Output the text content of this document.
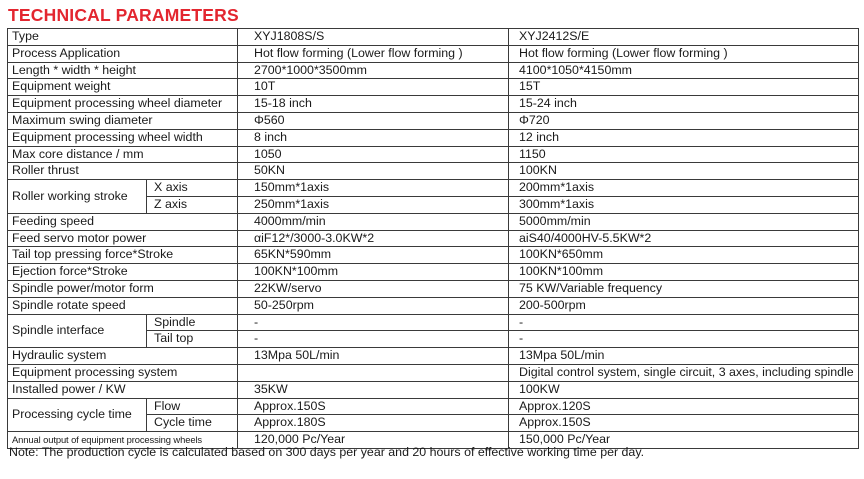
TECHNICAL PARAMETERS
Type		XYJ1808S/S	XYJ2412S/E
Process Application		Hot flow forming (Lower flow forming )	Hot flow forming (Lower flow forming )
Length * width * height		2700*1000*3500mm	4100*1050*4150mm
Equipment weight		10T	15T
Equipment processing wheel diameter		15-18 inch	15-24 inch
Maximum swing diameter		Φ560	Φ720
Equipment processing wheel width		8 inch	12 inch
Max core distance / mm		1050	1150
Roller thrust		50KN	100KN
Roller working stroke	X axis	150mm*1axis	200mm*1axis
	Z axis	250mm*1axis	300mm*1axis
Feeding speed		4000mm/min	5000mm/min
Feed servo motor power		αiF12*/3000-3.0KW*2	aiS40/4000HV-5.5KW*2
Tail top pressing force*Stroke		65KN*590mm	100KN*650mm
Ejection force*Stroke		100KN*100mm	100KN*100mm
Spindle power/motor form		22KW/servo	75 KW/Variable frequency
Spindle rotate speed		50-250rpm	200-500rpm
Spindle interface	Spindle	-	-
	Tail top	-	-
Hydraulic system		13Mpa 50L/min	13Mpa 50L/min
Equipment processing system			Digital control system, single circuit, 3 axes, including spindle
Installed power / KW		35KW	100KW
Processing cycle time	Flow	Approx.150S	Approx.120S
	Cycle time	Approx.180S	Approx.150S
Annual output of equipment processing wheels		120,000 Pc/Year	150,000 Pc/Year
Note: The production cycle is calculated based on 300 days per year and 20 hours of effective working time per day.
